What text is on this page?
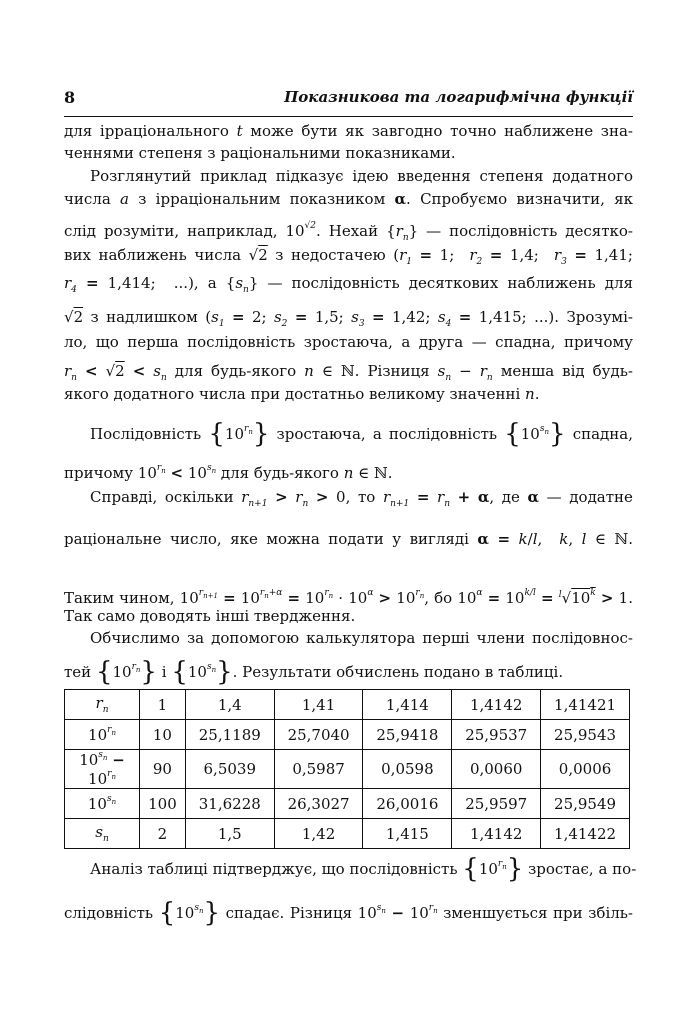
8	Показникова та логарифмічна функції
для ірраціонального t може бути як завгодно точно наближене зна-
ченнями степеня з раціональними показниками.
Розглянутий приклад підказує ідею введення степеня додатного
числа a з ірраціональним показником α. Спробуємо визначити, як
слід розуміти, наприклад, $10^{√2}$. Нехай $\{r_n\}$ — послідовність десятко-
вих наближень числа √2 з недостачею ($r_1 = 1$;  $r_2 = 1,4$;  $r_3 = 1,41$;
$r_4 = 1,414$;  ...), а $\{s_n\}$ — послідовність десяткових наближень для
√2 з надлишком ($s_1 = 2$; $s_2 = 1,5$; $s_3 = 1,42$; $s_4 = 1,415$; ...). Зрозумі-
ло, що перша послідовність зростаюча, а друга — спадна, причому
$r_n < √2 < s_n$ для будь-якого n ∈ ℕ. Різниця $s_n - r_n$ менша від будь-
якого додатного числа при достатньо великому значенні n.
Послідовність $\{10^{r_n}\}$ зростаюча, а послідовність $\{10^{s_n}\}$ спадна,
причому $10^{r_n} < 10^{s_n}$ для будь-якого n ∈ ℕ.
Справді, оскільки $r_{n+1} > r_n > 0$, то $r_{n+1} = r_n + \alpha$, де α — додатне
раціональне число, яке можна подати у вигляді α = k/l,  k, l ∈ ℕ.
Таким чином, $10^{r_{n+1}} = 10^{r_n+\alpha} = 10^{r_n} \cdot 10^\alpha > 10^{r_n}$, бо $10^\alpha = 10^{k/l} = ^l√10^k > 1$.
Так само доводять інші твердження.
Обчислимо за допомогою калькулятора перші члени послідовнос-
тей $\{10^{r_n}\}$ і $\{10^{s_n}\}$. Результати обчислень подано в таблиці.
$r_n$	1	1,4	1,41	1,414	1,4142	1,41421
$10^{r_n}$	10	25,1189	25,7040	25,9418	25,9537	25,9543
$10^{s_n} - 10^{r_n}$	90	6,5039	0,5987	0,0598	0,0060	0,0006
$10^{s_n}$	100	31,6228	26,3027	26,0016	25,9597	25,9549
$s_n$	2	1,5	1,42	1,415	1,4142	1,41422
Аналіз таблиці підтверджує, що послідовність $\{10^{r_n}\}$ зростає, а по-
слідовність $\{10^{s_n}\}$ спадає. Різниця $10^{s_n} - 10^{r_n}$ зменшується при збіль-
